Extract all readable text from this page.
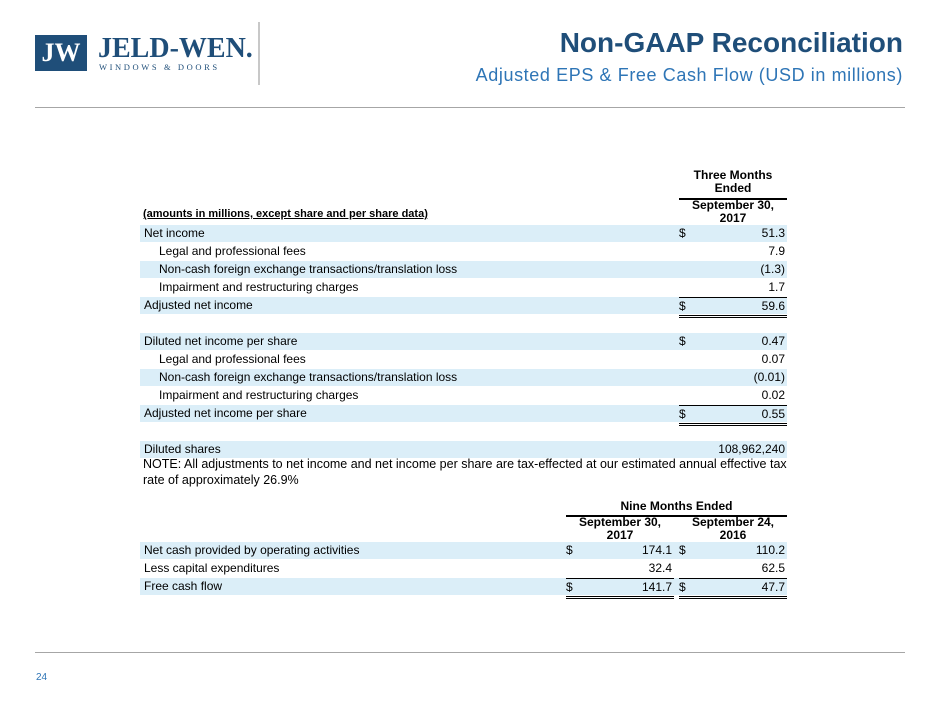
JW JELD-WEN.
WINDOWS & DOORS
Non-GAAP Reconciliation
Adjusted EPS & Free Cash Flow (USD in millions)
Three Months Ended
September 30, 2017
(amounts in millions, except share and per share data)
Net income	$	51.3
Legal and professional fees	7.9
Non-cash foreign exchange transactions/translation loss	(1.3)
Impairment and restructuring charges	1.7
Adjusted net income	$	59.6
Diluted net income per share	$	0.47
Legal and professional fees	0.07
Non-cash foreign exchange transactions/translation loss	(0.01)
Impairment and restructuring charges	0.02
Adjusted net income per share	$	0.55
Diluted shares	108,962,240
NOTE: All adjustments to net income and net income per share are tax-effected at our estimated annual effective tax rate of approximately 26.9%
Nine Months Ended
September 30, 2017
September 24, 2016
Net cash provided by operating activities	$	174.1 $	110.2
Less capital expenditures	32.4	62.5
Free cash flow	$	141.7 $	47.7
24
